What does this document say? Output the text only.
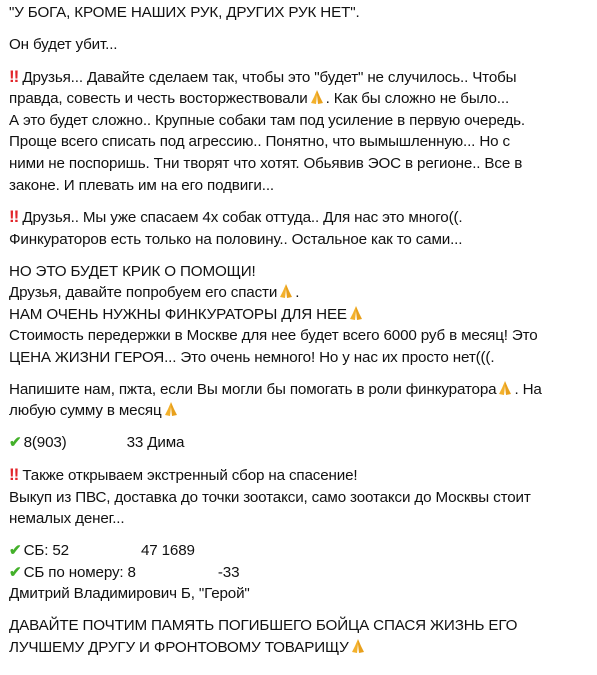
"У БОГА, КРОМЕ НАШИХ РУК, ДРУГИХ РУК НЕТ".
Он будет убит...
!! Друзья... Давайте сделаем так, чтобы это "будет" не случилось.. Чтобы
правда, совесть и честь восторжествовали . Как бы сложно не было...
А это будет сложно.. Крупные собаки там под усиление в первую очередь.
Проще всего списать под агрессию.. Понятно, что вымышленную... Но с
ними не поспоришь. Тни творят что хотят. Обьявив ЭОС в регионе.. Все в
законе. И плевать им на его подвиги...
!! Друзья.. Мы уже спасаем 4х собак оттуда.. Для нас это много((.
Финкураторов есть только на половину.. Остальное как то сами...
НО ЭТО БУДЕТ КРИК О ПОМОЩИ!
Друзья, давайте попробуем его спасти .
НАМ ОЧЕНЬ НУЖНЫ ФИНКУРАТОРЫ ДЛЯ НЕЕ
Стоимость передержки в Москве для нее будет всего 6000 руб в месяц! Это
ЦЕНА ЖИЗНИ ГЕРОЯ... Это очень немного! Но у нас их просто нет(((.
Напишите нам, пжта, если Вы могли бы помогать в роли финкуратора . На
любую сумму в месяц
✔ 8(903)	33 Дима
!! Также открываем экстренный сбор на спасение!
Выкуп из ПВС, доставка до точки зоотакси, само зоотакси до Москвы стоит
немалых денег...
✔ СБ: 52	47 1689
✔ СБ по номеру: 8	-33
Дмитрий Владимирович Б, "Герой"
ДАВАЙТЕ ПОЧТИМ ПАМЯТЬ ПОГИБШЕГО БОЙЦА СПАСЯ ЖИЗНЬ ЕГО
ЛУЧШЕМУ ДРУГУ И ФРОНТОВОМУ ТОВАРИЩУ
